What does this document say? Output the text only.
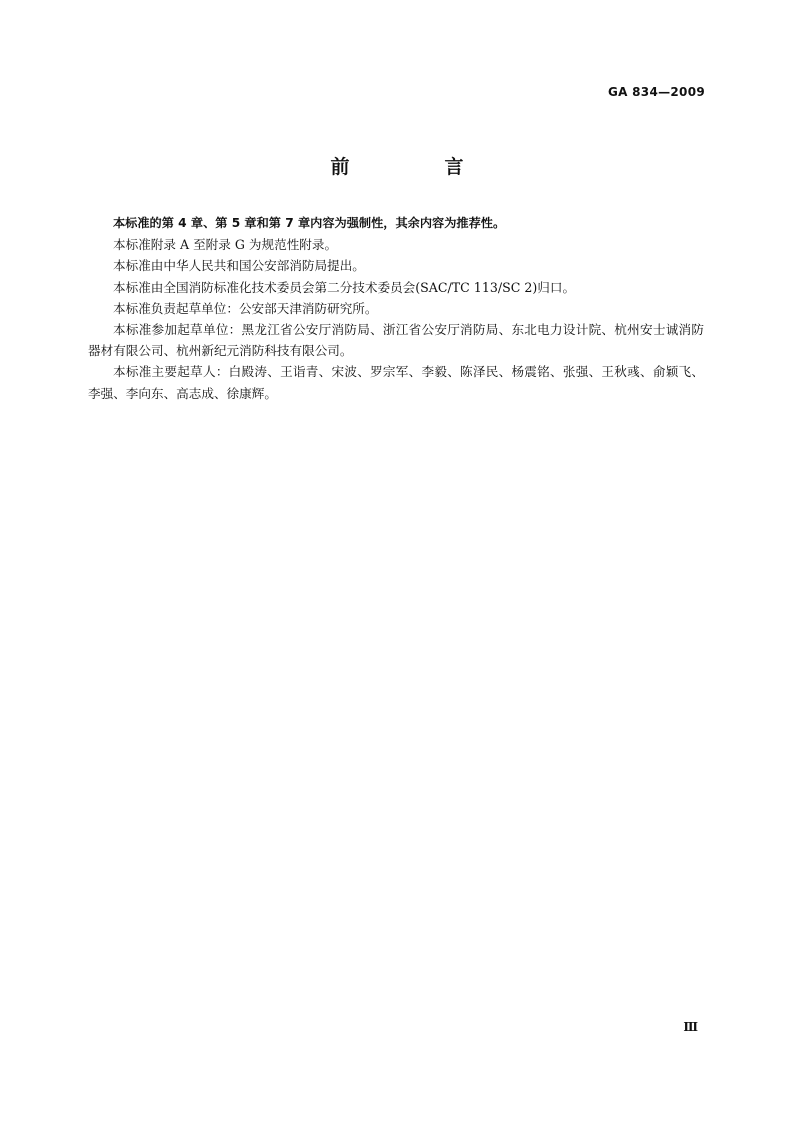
GA 834—2009
前　言

本标准的第 4 章、第 5 章和第 7 章内容为强制性，其余内容为推荐性。

本标准附录 A 至附录 G 为规范性附录。

本标准由中华人民共和国公安部消防局提出。

本标准由全国消防标准化技术委员会第二分技术委员会(SAC/TC 113/SC 2)归口。

本标准负责起草单位：公安部天津消防研究所。

本标准参加起草单位：黑龙江省公安厅消防局、浙江省公安厅消防局、东北电力设计院、杭州安士诚消防器材有限公司、杭州新纪元消防科技有限公司。

本标准主要起草人：白殿涛、王诣青、宋波、罗宗军、李毅、陈泽民、杨震铭、张强、王秋彧、俞颖飞、李强、李向东、高志成、徐康辉。

Ⅲ
